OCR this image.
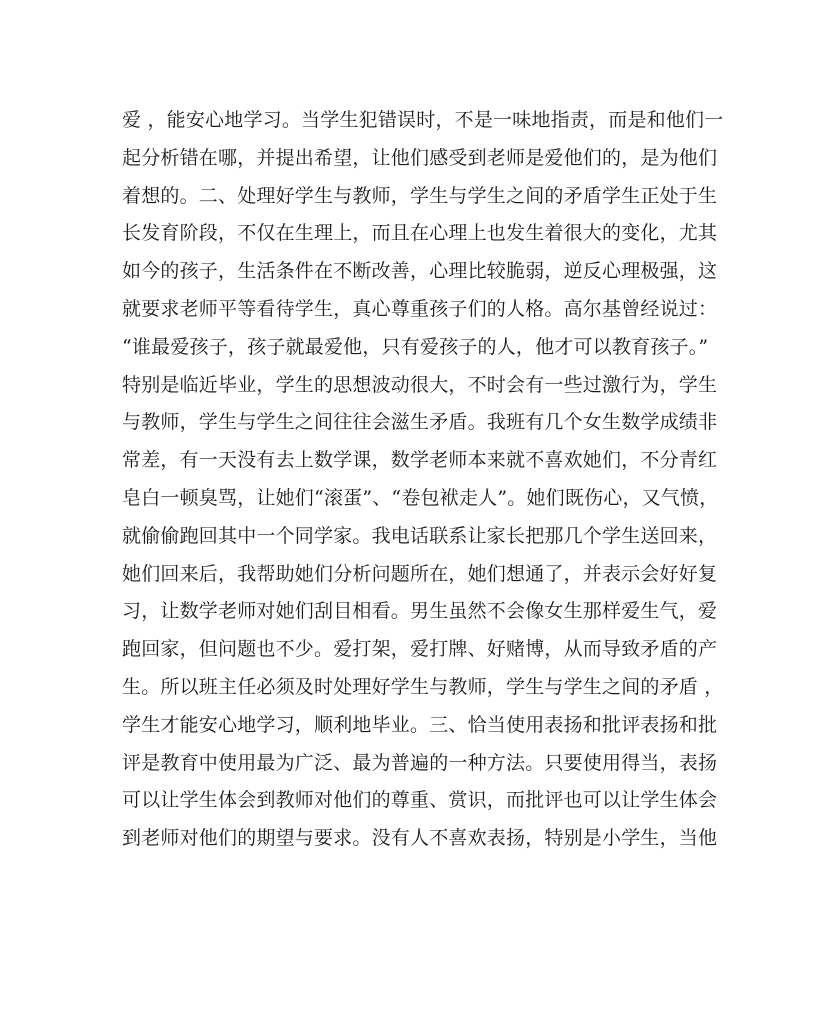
爱 ，能安心地学习。当学生犯错误时，不是一味地指责，而是和他们一
起分析错在哪，并提出希望，让他们感受到老师是爱他们的，是为他们
着想的。二、处理好学生与教师，学生与学生之间的矛盾学生正处于生
长发育阶段，不仅在生理上，而且在心理上也发生着很大的变化，尤其
如今的孩子，生活条件在不断改善，心理比较脆弱，逆反心理极强，这
就要求老师平等看待学生，真心尊重孩子们的人格。高尔基曾经说过：
“谁最爱孩子，孩子就最爱他，只有爱孩子的人，他才可以教育孩子。”
特别是临近毕业，学生的思想波动很大，不时会有一些过激行为，学生
与教师，学生与学生之间往往会滋生矛盾。我班有几个女生数学成绩非
常差，有一天没有去上数学课，数学老师本来就不喜欢她们，不分青红
皂白一顿臭骂，让她们“滚蛋”、“卷包袱走人”。她们既伤心，又气愤，
就偷偷跑回其中一个同学家。我电话联系让家长把那几个学生送回来，
她们回来后，我帮助她们分析问题所在，她们想通了，并表示会好好复
习，让数学老师对她们刮目相看。男生虽然不会像女生那样爱生气，爱
跑回家，但问题也不少。爱打架，爱打牌、好赌博，从而导致矛盾的产
生。所以班主任必须及时处理好学生与教师，学生与学生之间的矛盾 ，
学生才能安心地学习，顺利地毕业。三、恰当使用表扬和批评表扬和批
评是教育中使用最为广泛、最为普遍的一种方法。只要使用得当，表扬
可以让学生体会到教师对他们的尊重、赏识，而批评也可以让学生体会
到老师对他们的期望与要求。没有人不喜欢表扬，特别是小学生，当他
